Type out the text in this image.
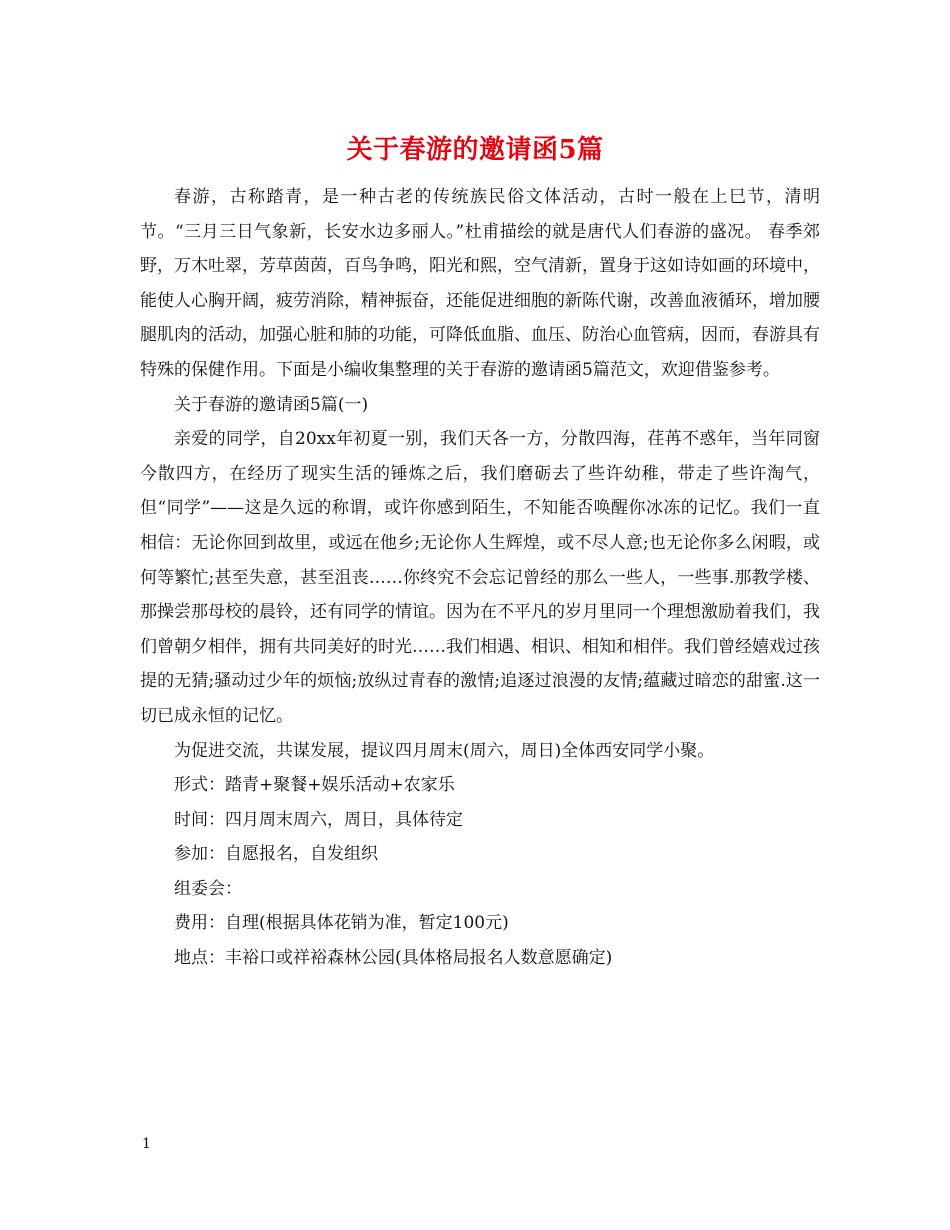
关于春游的邀请函5篇

春游，古称踏青，是一种古老的传统族民俗文体活动，古时一般在上巳节，清明节。“三月三日气象新，长安水边多丽人。”杜甫描绘的就是唐代人们春游的盛况。 春季郊野，万木吐翠，芳草茵茵，百鸟争鸣，阳光和熙，空气清新，置身于这如诗如画的环境中，能使人心胸开阔，疲劳消除，精神振奋，还能促进细胞的新陈代谢，改善血液循环，增加腰腿肌肉的活动，加强心脏和肺的功能，可降低血脂、血压、防治心血管病，因而，春游具有特殊的保健作用。下面是小编收集整理的关于春游的邀请函5篇范文，欢迎借鉴参考。

关于春游的邀请函5篇(一)

亲爱的同学，自20xx年初夏一别，我们天各一方，分散四海，荏苒不惑年，当年同窗今散四方，在经历了现实生活的锤炼之后，我们磨砺去了些许幼稚，带走了些许淘气，但“同学”——这是久远的称谓，或许你感到陌生，不知能否唤醒你冰冻的记忆。我们一直相信：无论你回到故里，或远在他乡;无论你人生辉煌，或不尽人意;也无论你多么闲暇，或何等繁忙;甚至失意，甚至沮丧……你终究不会忘记曾经的那么一些人，一些事.那教学楼、那操尝那母校的晨铃，还有同学的情谊。因为在不平凡的岁月里同一个理想激励着我们，我们曾朝夕相伴，拥有共同美好的时光……我们相遇、相识、相知和相伴。我们曾经嬉戏过孩提的无猜;骚动过少年的烦恼;放纵过青春的激情;追逐过浪漫的友情;蕴藏过暗恋的甜蜜.这一切已成永恒的记忆。

为促进交流，共谋发展，提议四月周末(周六，周日)全体西安同学小聚。

形式：踏青+聚餐+娱乐活动+农家乐

时间：四月周末周六，周日，具体待定

参加：自愿报名，自发组织

组委会：

费用：自理(根据具体花销为准，暂定100元)

地点：丰裕口或祥裕森林公园(具体格局报名人数意愿确定)

1
